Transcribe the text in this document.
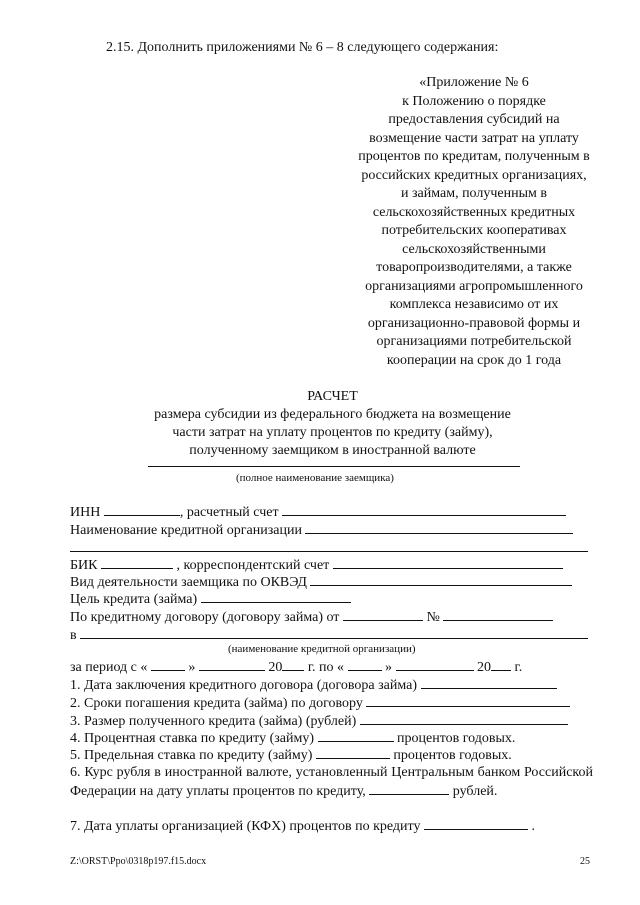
2.15. Дополнить приложениями № 6 – 8 следующего содержания:
«Приложение № 6
к Положению о порядке
предоставления субсидий на
возмещение части затрат на уплату
процентов по кредитам, полученным в
российских кредитных организациях,
и займам, полученным в
сельскохозяйственных кредитных
потребительских кооперативах
сельскохозяйственными
товаропроизводителями, а также
организациями агропромышленного
комплекса независимо от их
организационно-правовой формы и
организациями потребительской
кооперации на срок до 1 года
РАСЧЕТ
размера субсидии из федерального бюджета на возмещение
части затрат на уплату процентов по кредиту (займу),
полученному заемщиком в иностранной валюте
(полное наименование заемщика)
ИНН	, расчетный счет
Наименование кредитной организации
БИК	, корреспондентский счет
Вид деятельности заемщика по ОКВЭД
Цель кредита (займа)
По кредитному договору (договору займа) от	№
в
(наименование кредитной организации)
за период с «	»	20 г. по «	»	20 г.
1. Дата заключения кредитного договора (договора займа)
2. Сроки погашения кредита (займа) по договору
3. Размер полученного кредита (займа) (рублей)
4. Процентная ставка по кредиту (займу)	процентов годовых.
5. Предельная ставка по кредиту (займу)	процентов годовых.
6. Курс рубля в иностранной валюте, установленный Центральным банком Российской Федерации на дату уплаты процентов по кредиту,	рублей.
7. Дата уплаты организацией (КФХ) процентов по кредиту	.
Z:\ORST\Ppo\0318p197.f15.docx	25
